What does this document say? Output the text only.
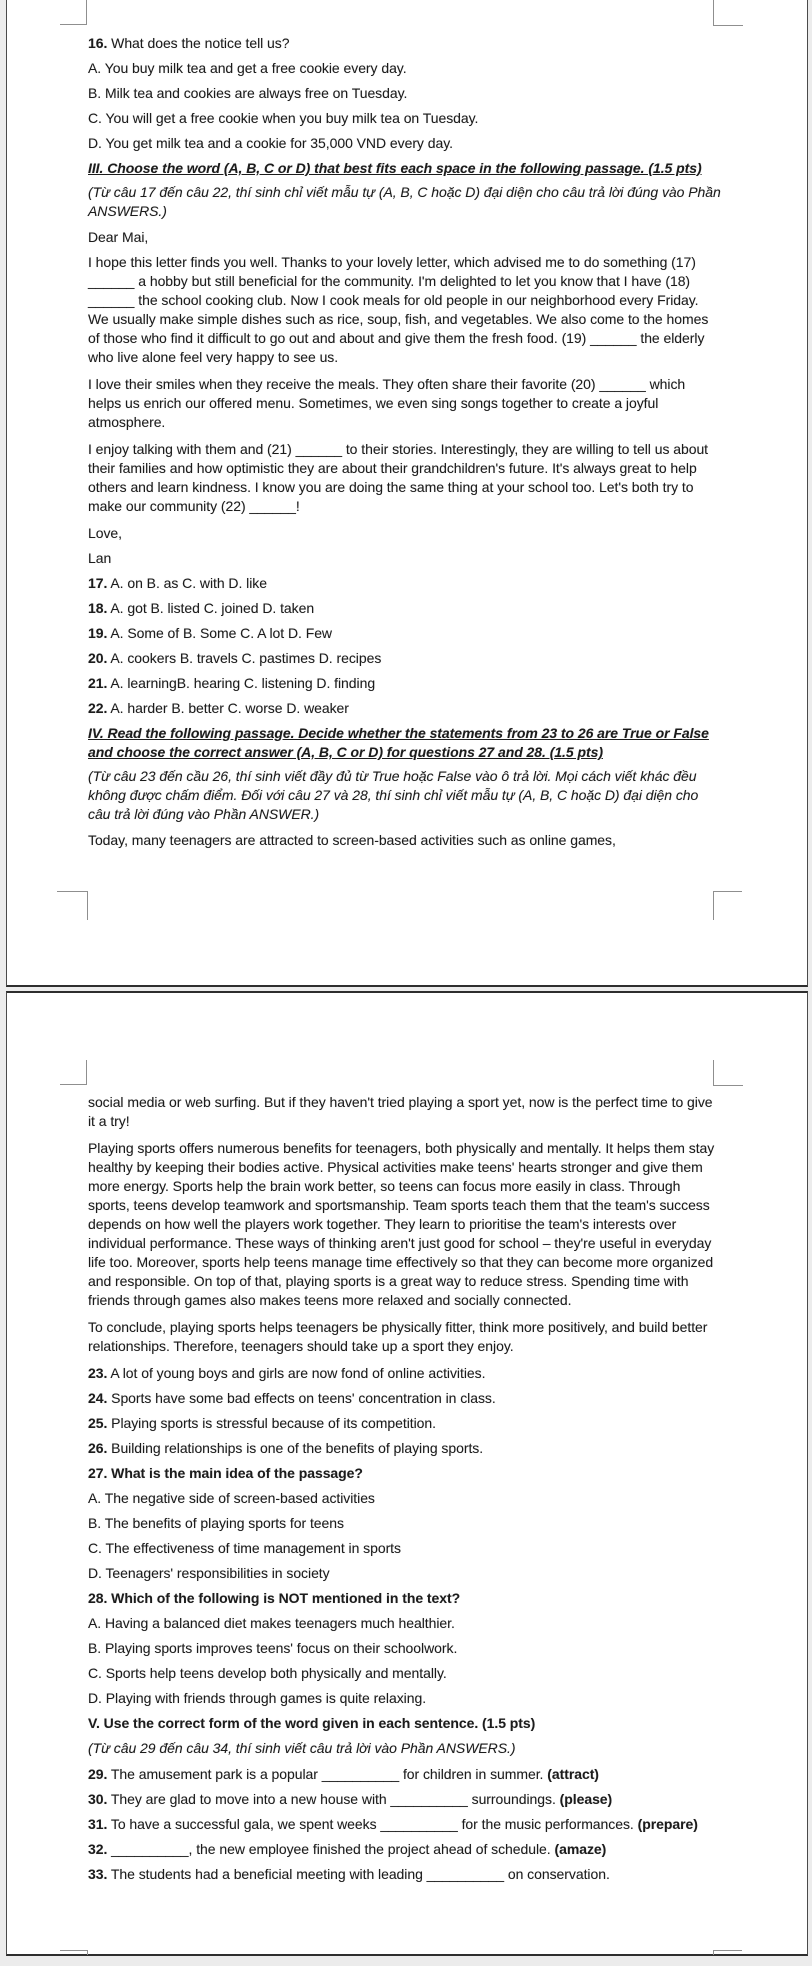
16. What does the notice tell us?

A. You buy milk tea and get a free cookie every day.

B. Milk tea and cookies are always free on Tuesday.

C. You will get a free cookie when you buy milk tea on Tuesday.

D. You get milk tea and a cookie for 35,000 VND every day.

III. Choose the word (A, B, C or D) that best fits each space in the following passage. (1.5 pts)

(Từ câu 17 đến câu 22, thí sinh chỉ viết mẫu tự (A, B, C hoặc D) đại diện cho câu trả lời đúng vào Phần ANSWERS.)

Dear Mai,

I hope this letter finds you well. Thanks to your lovely letter, which advised me to do something (17) ______ a hobby but still beneficial for the community. I'm delighted to let you know that I have (18) ______ the school cooking club. Now I cook meals for old people in our neighborhood every Friday. We usually make simple dishes such as rice, soup, fish, and vegetables. We also come to the homes of those who find it difficult to go out and about and give them the fresh food. (19) ______ the elderly who live alone feel very happy to see us.

I love their smiles when they receive the meals. They often share their favorite (20) ______ which helps us enrich our offered menu. Sometimes, we even sing songs together to create a joyful atmosphere.

I enjoy talking with them and (21) ______ to their stories. Interestingly, they are willing to tell us about their families and how optimistic they are about their grandchildren's future. It's always great to help others and learn kindness. I know you are doing the same thing at your school too. Let's both try to make our community (22) ______!

Love,

Lan

17. A. on B. as C. with D. like

18. A. got B. listed C. joined D. taken

19. A. Some of B. Some C. A lot D. Few

20. A. cookers B. travels C. pastimes D. recipes

21. A. learningB. hearing C. listening D. finding

22. A. harder B. better C. worse D. weaker

IV. Read the following passage. Decide whether the statements from 23 to 26 are True or False and choose the correct answer (A, B, C or D) for questions 27 and 28. (1.5 pts)

(Từ câu 23 đến cầu 26, thí sinh viết đầy đủ từ True hoặc False vào ô trả lời. Mọi cách viết khác đều không được chấm điểm. Đối với câu 27 và 28, thí sinh chỉ viết mẫu tự (A, B, C hoặc D) đại diện cho câu trả lời đúng vào Phần ANSWER.)

Today, many teenagers are attracted to screen-based activities such as online games,

social media or web surfing. But if they haven't tried playing a sport yet, now is the perfect time to give it a try!

Playing sports offers numerous benefits for teenagers, both physically and mentally. It helps them stay healthy by keeping their bodies active. Physical activities make teens' hearts stronger and give them more energy. Sports help the brain work better, so teens can focus more easily in class. Through sports, teens develop teamwork and sportsmanship. Team sports teach them that the team's success depends on how well the players work together. They learn to prioritise the team's interests over individual performance. These ways of thinking aren't just good for school – they're useful in everyday life too. Moreover, sports help teens manage time effectively so that they can become more organized and responsible. On top of that, playing sports is a great way to reduce stress. Spending time with friends through games also makes teens more relaxed and socially connected.

To conclude, playing sports helps teenagers be physically fitter, think more positively, and build better relationships. Therefore, teenagers should take up a sport they enjoy.

23. A lot of young boys and girls are now fond of online activities.

24. Sports have some bad effects on teens' concentration in class.

25. Playing sports is stressful because of its competition.

26. Building relationships is one of the benefits of playing sports.

27. What is the main idea of the passage?

A. The negative side of screen-based activities

B. The benefits of playing sports for teens

C. The effectiveness of time management in sports

D. Teenagers' responsibilities in society

28. Which of the following is NOT mentioned in the text?

A. Having a balanced diet makes teenagers much healthier.

B. Playing sports improves teens' focus on their schoolwork.

C. Sports help teens develop both physically and mentally.

D. Playing with friends through games is quite relaxing.

V. Use the correct form of the word given in each sentence. (1.5 pts)

(Từ câu 29 đến câu 34, thí sinh viết câu trả lời vào Phần ANSWERS.)

29. The amusement park is a popular __________ for children in summer. (attract)

30. They are glad to move into a new house with __________ surroundings. (please)

31. To have a successful gala, we spent weeks __________ for the music performances. (prepare)

32. __________, the new employee finished the project ahead of schedule. (amaze)

33. The students had a beneficial meeting with leading __________ on conservation.
